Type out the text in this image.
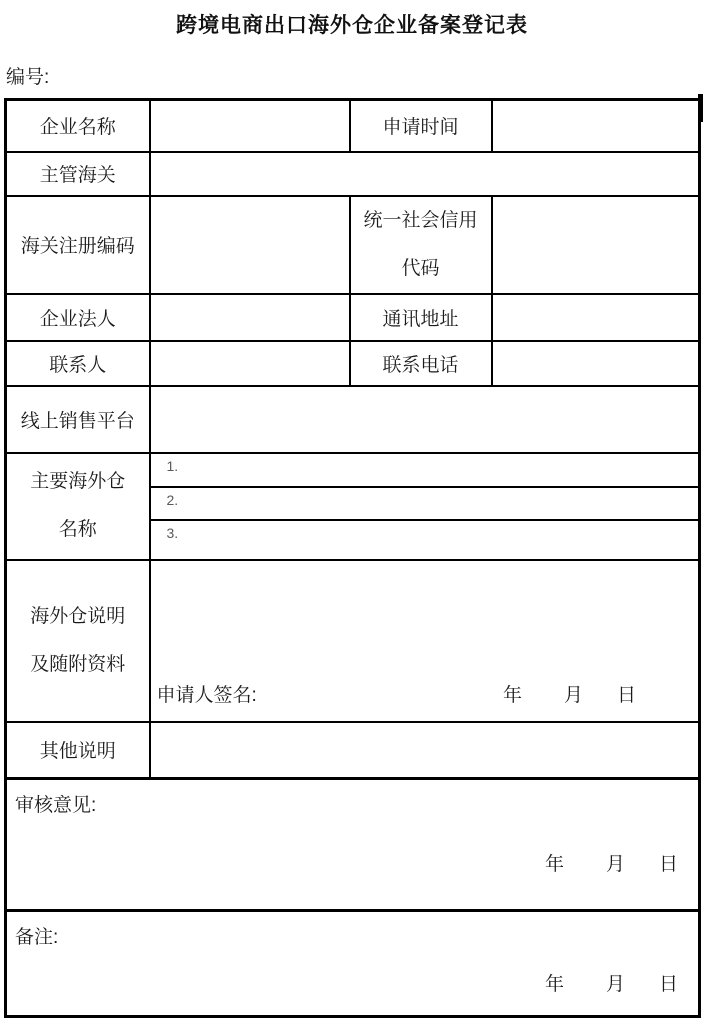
跨境电商出口海外仓企业备案登记表
编号:
企业名称		申请时间	
主管海关			
海关注册编码		统一社会信用代码	
企业法人		通讯地址	
联系人		联系电话	
线上销售平台			
主要海外仓名称	1.		
	2.		
	3.		
海外仓说明及随附资料	申请人签名: 年 月 日		

其他说明			

审核意见:
年 月 日			

备注:
年 月 日			
